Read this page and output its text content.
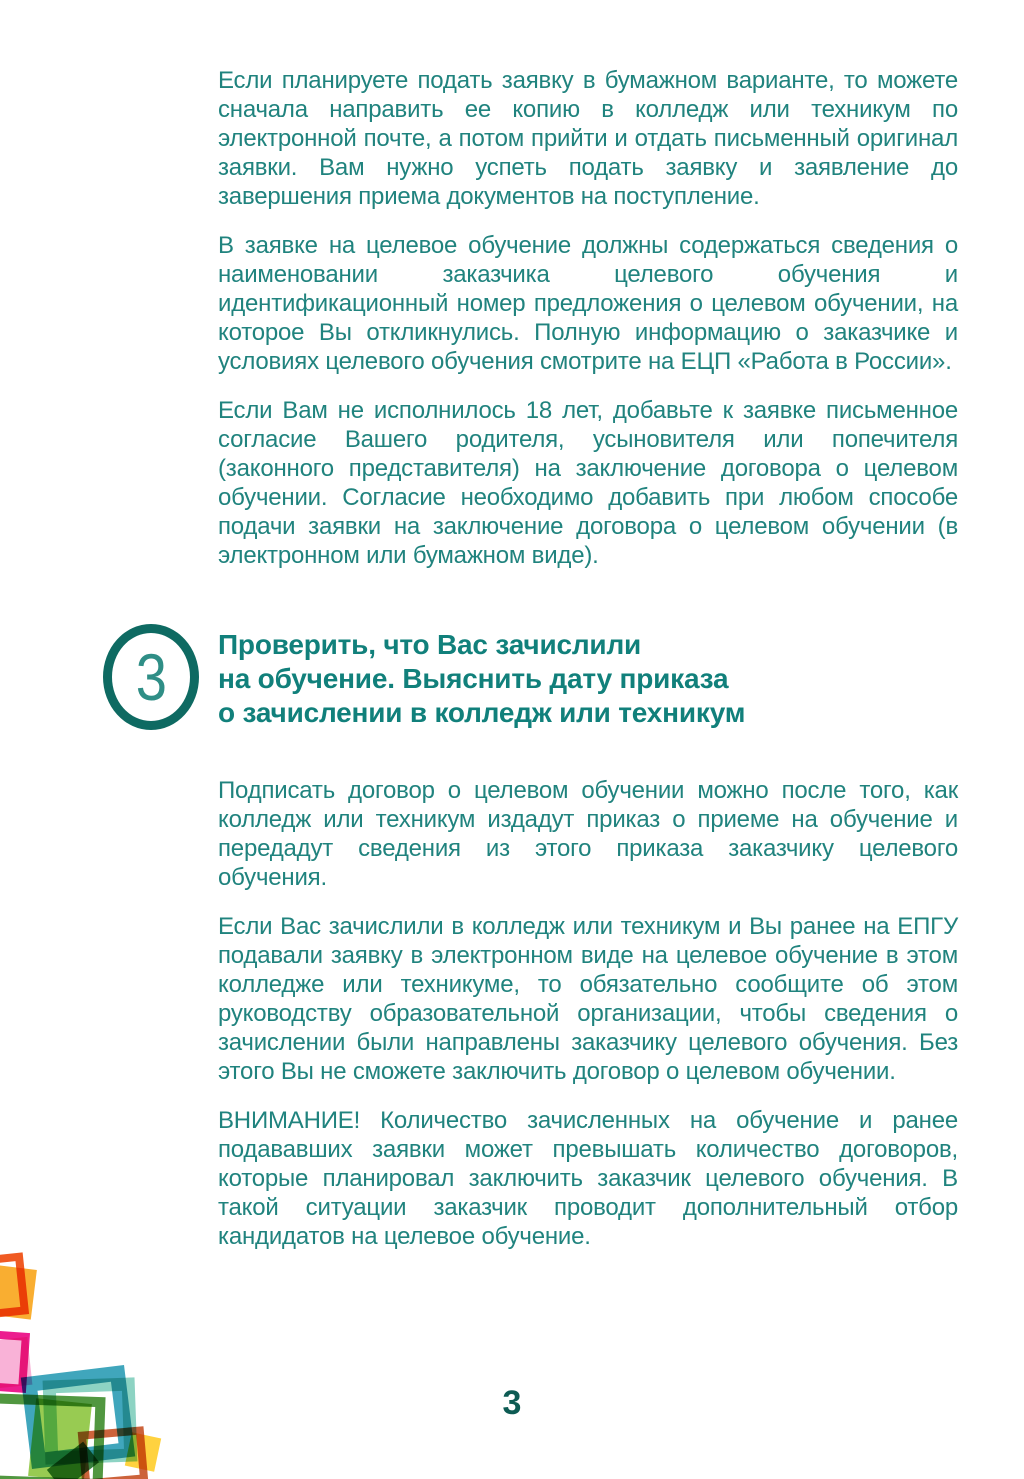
Если планируете подать заявку в бумажном варианте, то можете сначала направить ее копию в колледж или техникум по электронной почте, а потом прийти и отдать письменный оригинал заявки. Вам нужно успеть подать заявку и заявление до завершения приема документов на поступление.

В заявке на целевое обучение должны содержаться сведения о наименовании заказчика целевого обучения и идентификационный номер предложения о целевом обучении, на которое Вы откликнулись. Полную информацию о заказчике и условиях целевого обучения смотрите на ЕЦП «Работа в России».

Если Вам не исполнилось 18 лет, добавьте к заявке письменное согласие Вашего родителя, усыновителя или попечителя (законного представителя) на заключение договора о целевом обучении. Согласие необходимо добавить при любом способе подачи заявки на заключение договора о целевом обучении (в электронном или бумажном виде).

3 Проверить, что Вас зачислили
на обучение. Выяснить дату приказа
о зачислении в колледж или техникум

Подписать договор о целевом обучении можно после того, как колледж или техникум издадут приказ о приеме на обучение и передадут сведения из этого приказа заказчику целевого обучения.

Если Вас зачислили в колледж или техникум и Вы ранее на ЕПГУ подавали заявку в электронном виде на целевое обучение в этом колледже или техникуме, то обязательно сообщите об этом руководству образовательной организации, чтобы сведения о зачислении были направлены заказчику целевого обучения. Без этого Вы не сможете заключить договор о целевом обучении.

ВНИМАНИЕ! Количество зачисленных на обучение и ранее подававших заявки может превышать количество договоров, которые планировал заключить заказчик целевого обучения. В такой ситуации заказчик проводит дополнительный отбор кандидатов на целевое обучение.

3
